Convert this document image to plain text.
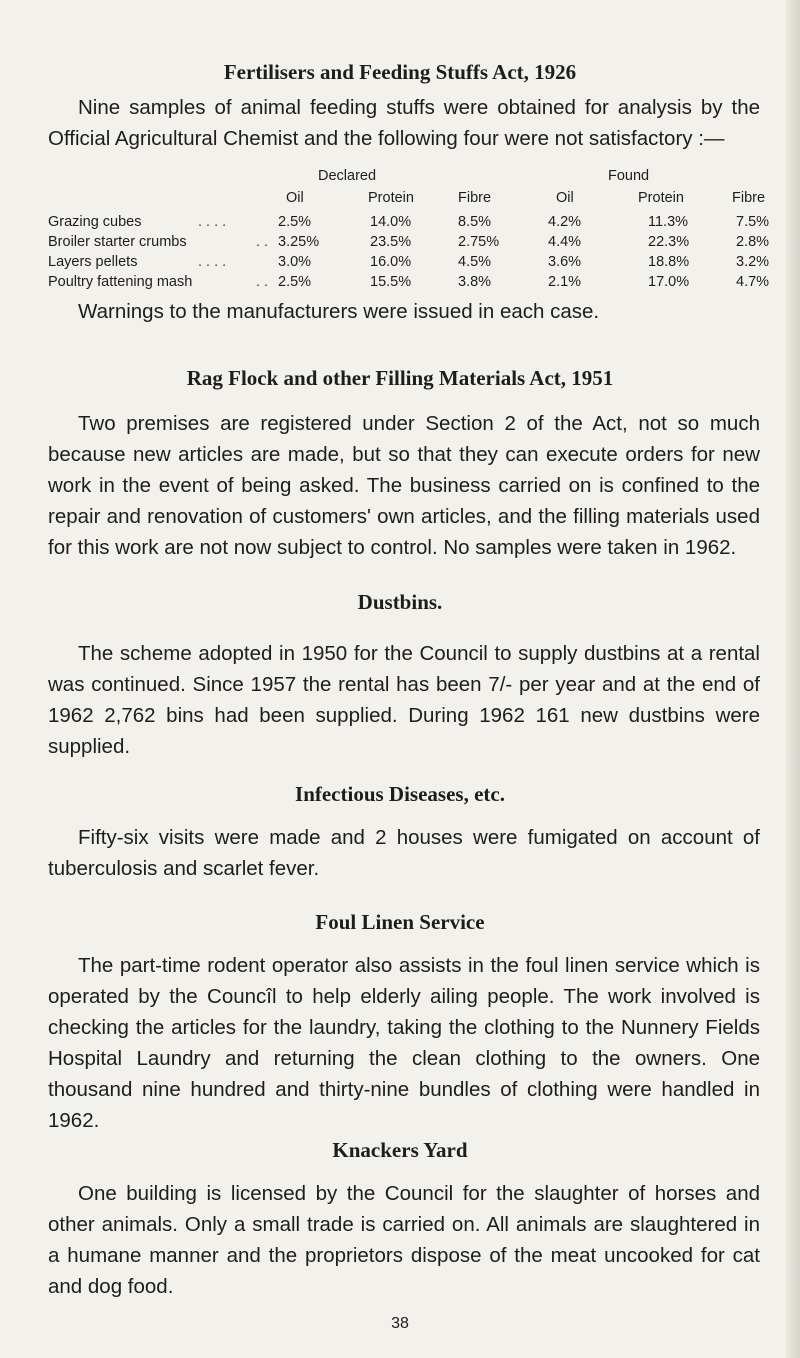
Fertilisers and Feeding Stuffs Act, 1926
Nine samples of animal feeding stuffs were obtained for analysis by the Official Agricultural Chemist and the following four were not satisfactory :—
Declared	Found
Oil	Protein	Fibre	Oil	Protein	Fibre
Grazing cubes	. . . .	2.5%	14.0%	8.5%	4.2%	11.3%	7.5%
Broiler starter crumbs	. . 3.25%	23.5%	2.75%	4.4%	22.3%	2.8%
Layers pellets	. . . .	3.0%	16.0%	4.5%	3.6%	18.8%	3.2%
Poultry fattening mash	. . 2.5%	15.5%	3.8%	2.1%	17.0%	4.7%
Warnings to the manufacturers were issued in each case.
Rag Flock and other Filling Materials Act, 1951
Two premises are registered under Section 2 of the Act, not so much because new articles are made, but so that they can execute orders for new work in the event of being asked. The business carried on is confined to the repair and renovation of customers' own articles, and the filling materials used for this work are not now subject to control. No samples were taken in 1962.
Dustbins.
The scheme adopted in 1950 for the Council to supply dustbins at a rental was continued. Since 1957 the rental has been 7/- per year and at the end of 1962 2,762 bins had been supplied. During 1962 161 new dustbins were supplied.
Infectious Diseases, etc.
Fifty-six visits were made and 2 houses were fumigated on account of tuberculosis and scarlet fever.
Foul Linen Service
The part-time rodent operator also assists in the foul linen service which is operated by the Councîl to help elderly ailing people. The work involved is checking the articles for the laundry, taking the clothing to the Nunnery Fields Hospital Laundry and returning the clean clothing to the owners. One thousand nine hundred and thirty-nine bundles of clothing were handled in 1962.
Knackers Yard
One building is licensed by the Council for the slaughter of horses and other animals. Only a small trade is carried on. All animals are slaughtered in a humane manner and the proprietors dispose of the meat uncooked for cat and dog food.
38
